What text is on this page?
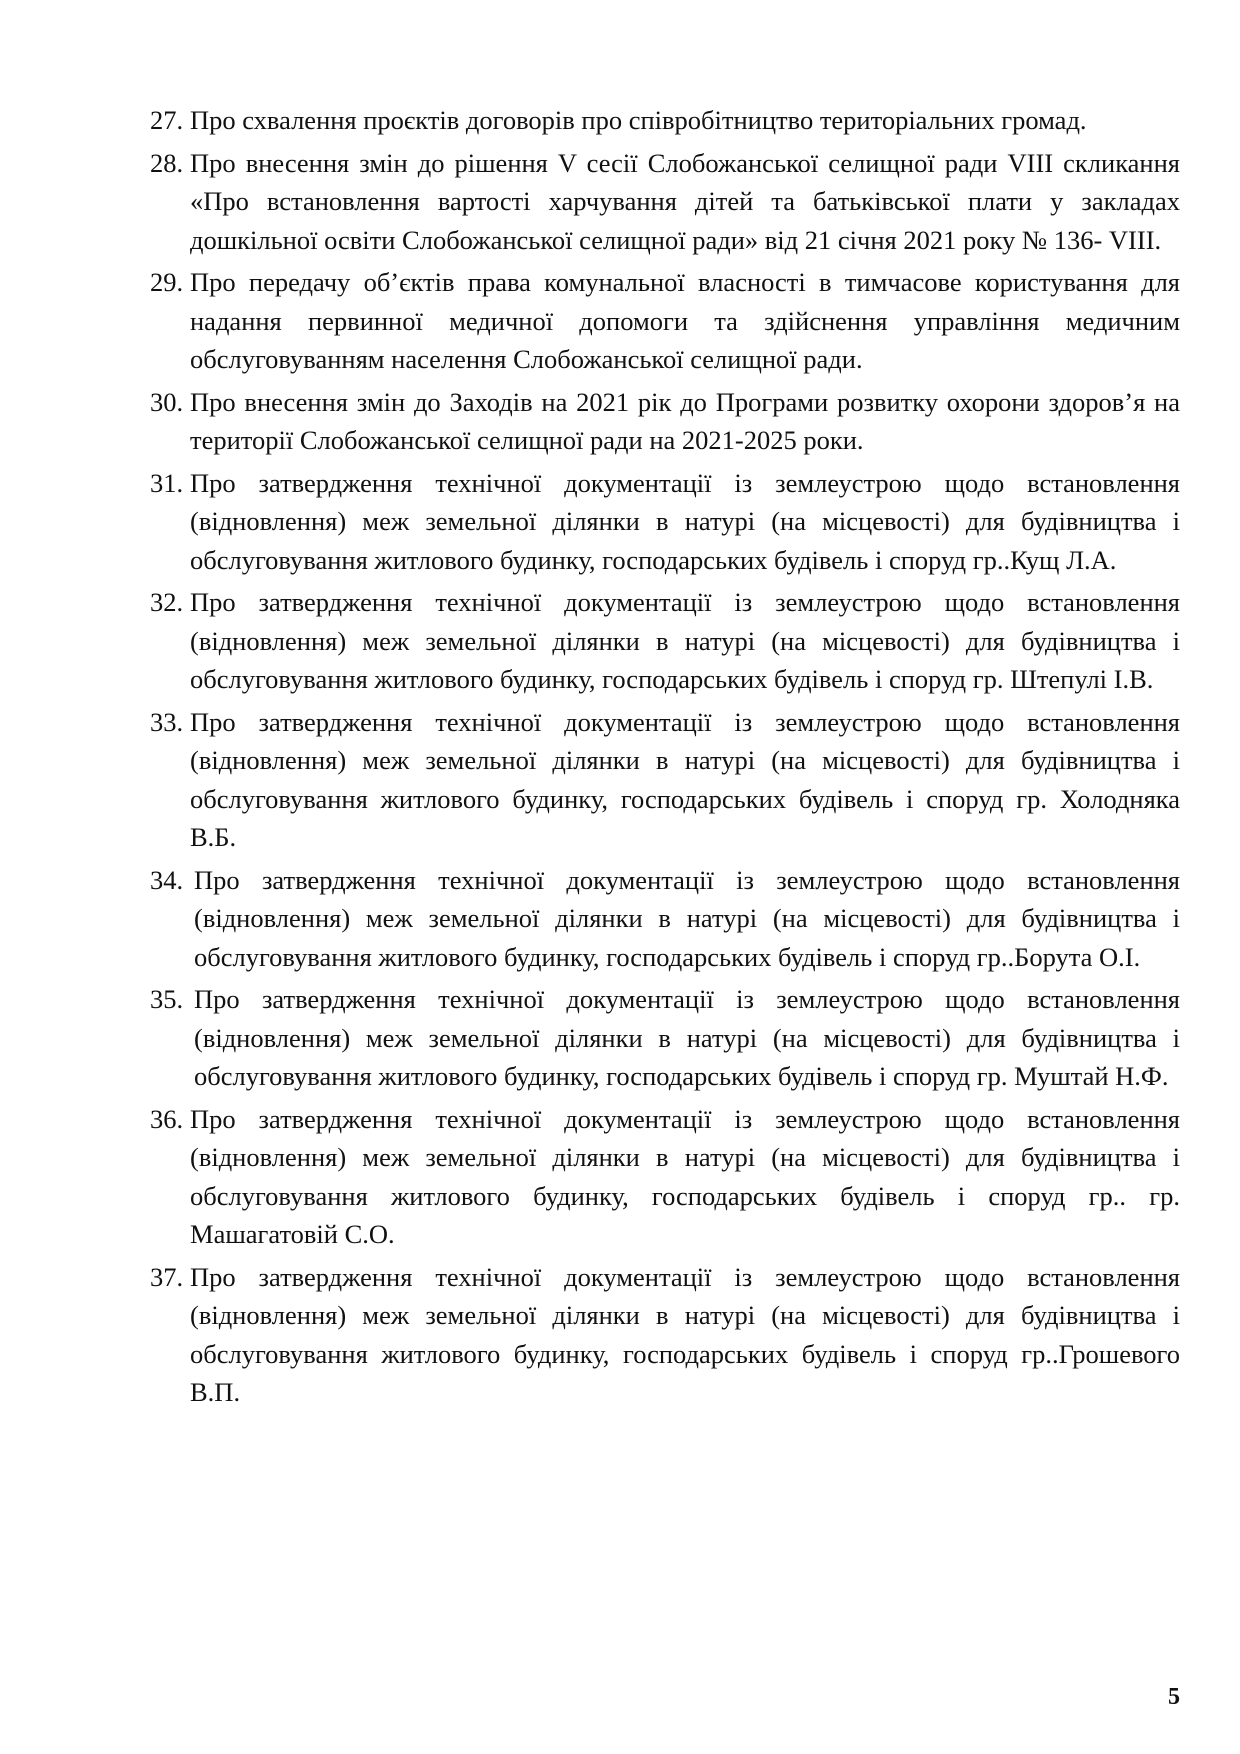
27. Про схвалення проєктів договорів про співробітництво територіальних громад.
28. Про внесення змін до рішення V сесії Слобожанської селищної ради VIII скликання «Про встановлення вартості харчування дітей та батьківської плати у закладах дошкільної освіти Слобожанської селищної ради» від 21 січня 2021 року № 136- VIII.
29. Про передачу об’єктів права комунальної власності в тимчасове користування для надання первинної медичної допомоги та здійснення управління медичним обслуговуванням населення Слобожанської селищної ради.
30. Про внесення змін до Заходів на 2021 рік до Програми розвитку охорони здоров’я на території Слобожанської селищної ради на 2021-2025 роки.
31. Про затвердження технічної документації із землеустрою щодо встановлення (відновлення) меж земельної ділянки в натурі (на місцевості) для будівництва і обслуговування житлового будинку, господарських будівель і споруд гр..Кущ Л.А.
32. Про затвердження технічної документації із землеустрою щодо встановлення (відновлення) меж земельної ділянки в натурі (на місцевості) для будівництва і обслуговування житлового будинку, господарських будівель і споруд гр. Штепулі І.В.
33. Про затвердження технічної документації із землеустрою щодо встановлення (відновлення) меж земельної ділянки в натурі (на місцевості) для будівництва і обслуговування житлового будинку, господарських будівель і споруд гр. Холодняка В.Б.
34. Про затвердження технічної документації із землеустрою щодо встановлення (відновлення) меж земельної ділянки в натурі (на місцевості) для будівництва і обслуговування житлового будинку, господарських будівель і споруд гр..Борута О.І.
35. Про затвердження технічної документації із землеустрою щодо встановлення (відновлення) меж земельної ділянки в натурі (на місцевості) для будівництва і обслуговування житлового будинку, господарських будівель і споруд гр. Муштай Н.Ф.
36. Про затвердження технічної документації із землеустрою щодо встановлення (відновлення) меж земельної ділянки в натурі (на місцевості) для будівництва і обслуговування житлового будинку, господарських будівель і споруд гр.. гр. Машагатовій С.О.
37. Про затвердження технічної документації із землеустрою щодо встановлення (відновлення) меж земельної ділянки в натурі (на місцевості) для будівництва і обслуговування житлового будинку, господарських будівель і споруд гр..Грошевого В.П.
5
